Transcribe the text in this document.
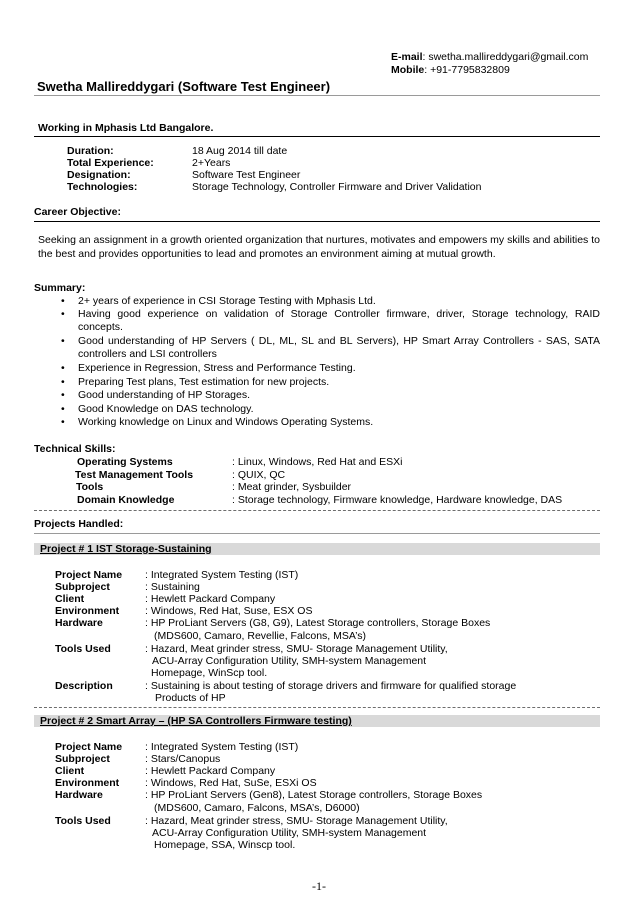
E-mail: swetha.mallireddygari@gmail.com
Mobile: +91-7795832809
Swetha Mallireddygari (Software Test Engineer)
Working in Mphasis Ltd Bangalore.
Duration:	18 Aug 2014 till date
Total Experience:	2+Years
Designation:	Software Test Engineer
Technologies:	Storage Technology, Controller Firmware and Driver Validation
Career Objective:
Seeking an assignment in a growth oriented organization that nurtures, motivates and empowers my skills and abilities to the best and provides opportunities to lead and promotes an environment aiming at mutual growth.
Summary:
• 2+ years of experience in CSI Storage Testing with Mphasis Ltd.
• Having good experience on validation of Storage Controller firmware, driver, Storage technology, RAID concepts.
• Good understanding of HP Servers ( DL, ML, SL and BL Servers), HP Smart Array Controllers - SAS, SATA controllers and LSI controllers
• Experience in Regression, Stress and Performance Testing.
• Preparing Test plans, Test estimation for new projects.
• Good understanding of HP Storages.
• Good Knowledge on DAS technology.
• Working knowledge on Linux and Windows Operating Systems.
Technical Skills:
Operating Systems	: Linux, Windows, Red Hat and ESXi
Test Management Tools	: QUIX, QC
Tools	: Meat grinder, Sysbuilder
Domain Knowledge	: Storage technology, Firmware knowledge, Hardware knowledge, DAS
Projects Handled:
Project # 1 IST Storage-Sustaining
Project Name : Integrated System Testing (IST)
Subproject	: Sustaining
Client	: Hewlett Packard Company
Environment : Windows, Red Hat, Suse, ESX OS
Hardware	: HP ProLiant Servers (G8, G9), Latest Storage controllers, Storage Boxes
(MDS600, Camaro, Revellie, Falcons, MSA’s)
Tools Used	: Hazard, Meat grinder stress, SMU- Storage Management Utility,
ACU-Array Configuration Utility, SMH-system Management
Homepage, WinScp tool.
Description	: Sustaining is about testing of storage drivers and firmware for qualified storage
Products of HP
Project # 2 Smart Array – (HP SA Controllers Firmware testing)
Project Name : Integrated System Testing (IST)
Subproject	: Stars/Canopus
Client	: Hewlett Packard Company
Environment : Windows, Red Hat, SuSe, ESXi OS
Hardware	: HP ProLiant Servers (Gen8), Latest Storage controllers, Storage Boxes
(MDS600, Camaro, Falcons, MSA’s, D6000)
Tools Used	: Hazard, Meat grinder stress, SMU- Storage Management Utility,
ACU-Array Configuration Utility, SMH-system Management
Homepage, SSA, Winscp tool.
-1-
